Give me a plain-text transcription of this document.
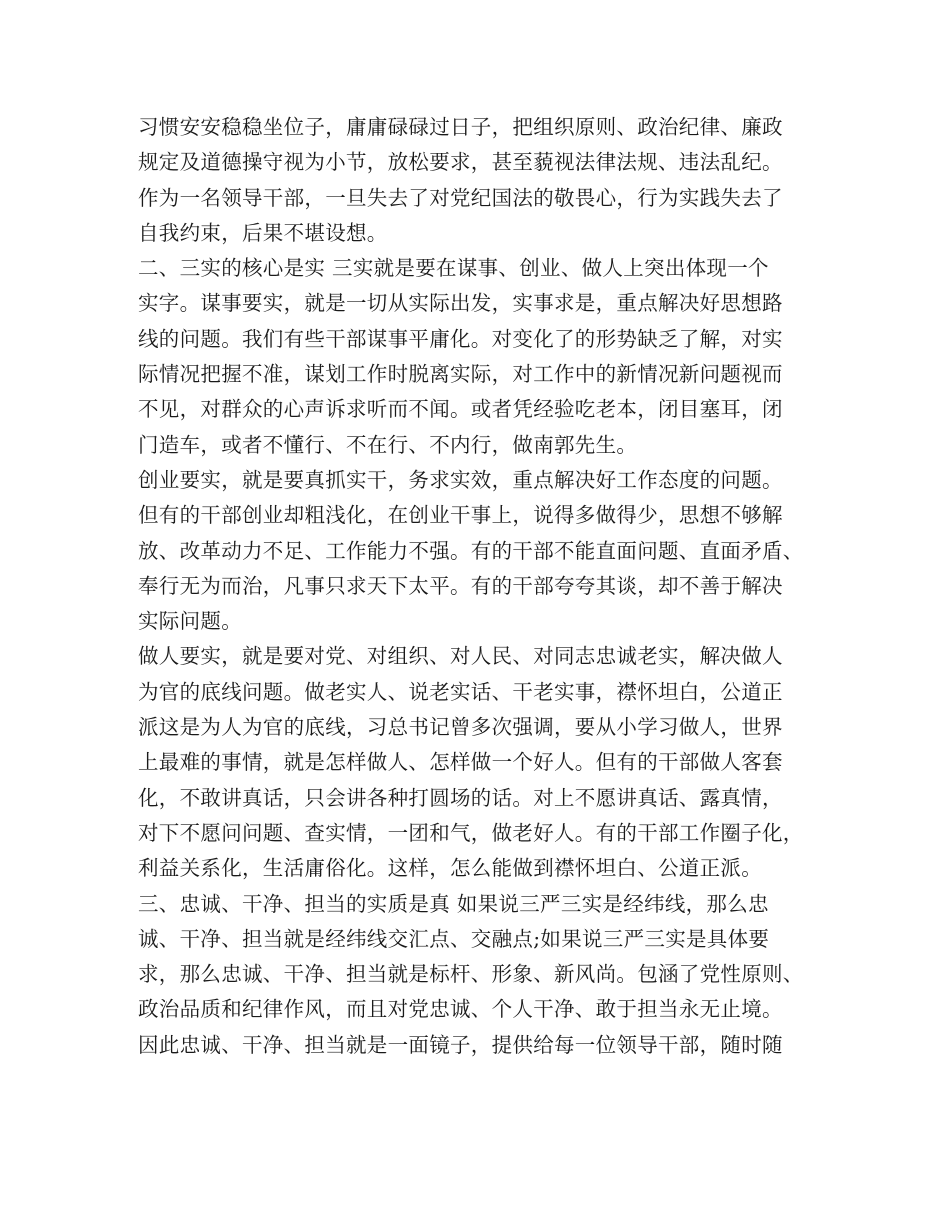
习惯安安稳稳坐位子，庸庸碌碌过日子，把组织原则、政治纪律、廉政
规定及道德操守视为小节，放松要求，甚至藐视法律法规、违法乱纪。
作为一名领导干部，一旦失去了对党纪国法的敬畏心，行为实践失去了
自我约束，后果不堪设想。
二、三实的核心是实 三实就是要在谋事、创业、做人上突出体现一个
实字。谋事要实，就是一切从实际出发，实事求是，重点解决好思想路
线的问题。我们有些干部谋事平庸化。对变化了的形势缺乏了解，对实
际情况把握不准，谋划工作时脱离实际，对工作中的新情况新问题视而
不见，对群众的心声诉求听而不闻。或者凭经验吃老本，闭目塞耳，闭
门造车，或者不懂行、不在行、不内行，做南郭先生。
创业要实，就是要真抓实干，务求实效，重点解决好工作态度的问题。
但有的干部创业却粗浅化，在创业干事上，说得多做得少，思想不够解
放、改革动力不足、工作能力不强。有的干部不能直面问题、直面矛盾、
奉行无为而治，凡事只求天下太平。有的干部夸夸其谈，却不善于解决
实际问题。
做人要实，就是要对党、对组织、对人民、对同志忠诚老实，解决做人
为官的底线问题。做老实人、说老实话、干老实事，襟怀坦白，公道正
派这是为人为官的底线，习总书记曾多次强调，要从小学习做人，世界
上最难的事情，就是怎样做人、怎样做一个好人。但有的干部做人客套
化，不敢讲真话，只会讲各种打圆场的话。对上不愿讲真话、露真情，
对下不愿问问题、查实情，一团和气，做老好人。有的干部工作圈子化，
利益关系化，生活庸俗化。这样，怎么能做到襟怀坦白、公道正派。
三、忠诚、干净、担当的实质是真 如果说三严三实是经纬线，那么忠
诚、干净、担当就是经纬线交汇点、交融点;如果说三严三实是具体要
求，那么忠诚、干净、担当就是标杆、形象、新风尚。包涵了党性原则、
政治品质和纪律作风，而且对党忠诚、个人干净、敢于担当永无止境。
因此忠诚、干净、担当就是一面镜子，提供给每一位领导干部，随时随
